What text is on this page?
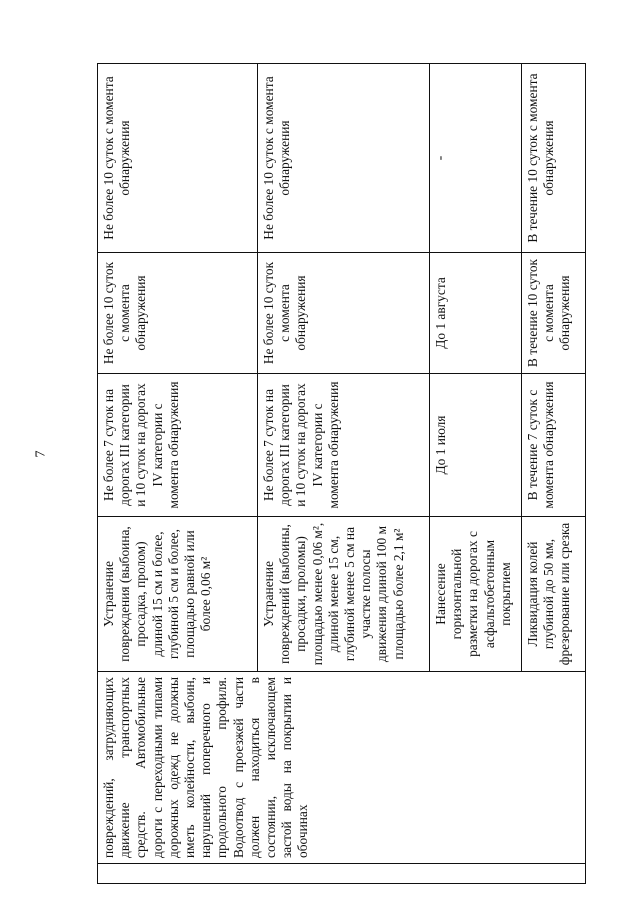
7
	повреждений, затрудняющих движение транспортных средств. Автомобильные дороги с переходными типами дорожных одежд не должны иметь колейности, выбоин, нарушений поперечного и продольного профиля. Водоотвод с проезжей части должен находиться в состоянии, исключающем застой воды на покрытии и обочинах	Устранение повреждения (выбоина, просадка, пролом) длиной 15 см и более, глубиной 5 см и более, площадью равной или более 0,06 м²	Не более 7 суток на дорогах III категории и 10 суток на дорогах IV категории с момента обнаружения	Не более 10 суток с момента обнаружения	Не более 10 суток с момента обнаружения
		Устранение повреждений (выбоины, просадки, проломы) площадью менее 0,06 м², длиной менее 15 см, глубиной менее 5 см на участке полосы движения длиной 100 м площадью более 2,1 м²	Не более 7 суток на дорогах III категории и 10 суток на дорогах IV категории с момента обнаружения	Не более 10 суток с момента обнаружения	Не более 10 суток с момента обнаружения
		Нанесение горизонтальной разметки на дорогах с асфальтобетонным покрытием	До 1 июля	До 1 августа	-
		Ликвидация колей глубиной до 50 мм, фрезерование или срезка	В течение 7 суток с момента обнаружения	В течение 10 суток с момента обнаружения	В течение 10 суток с момента обнаружения
